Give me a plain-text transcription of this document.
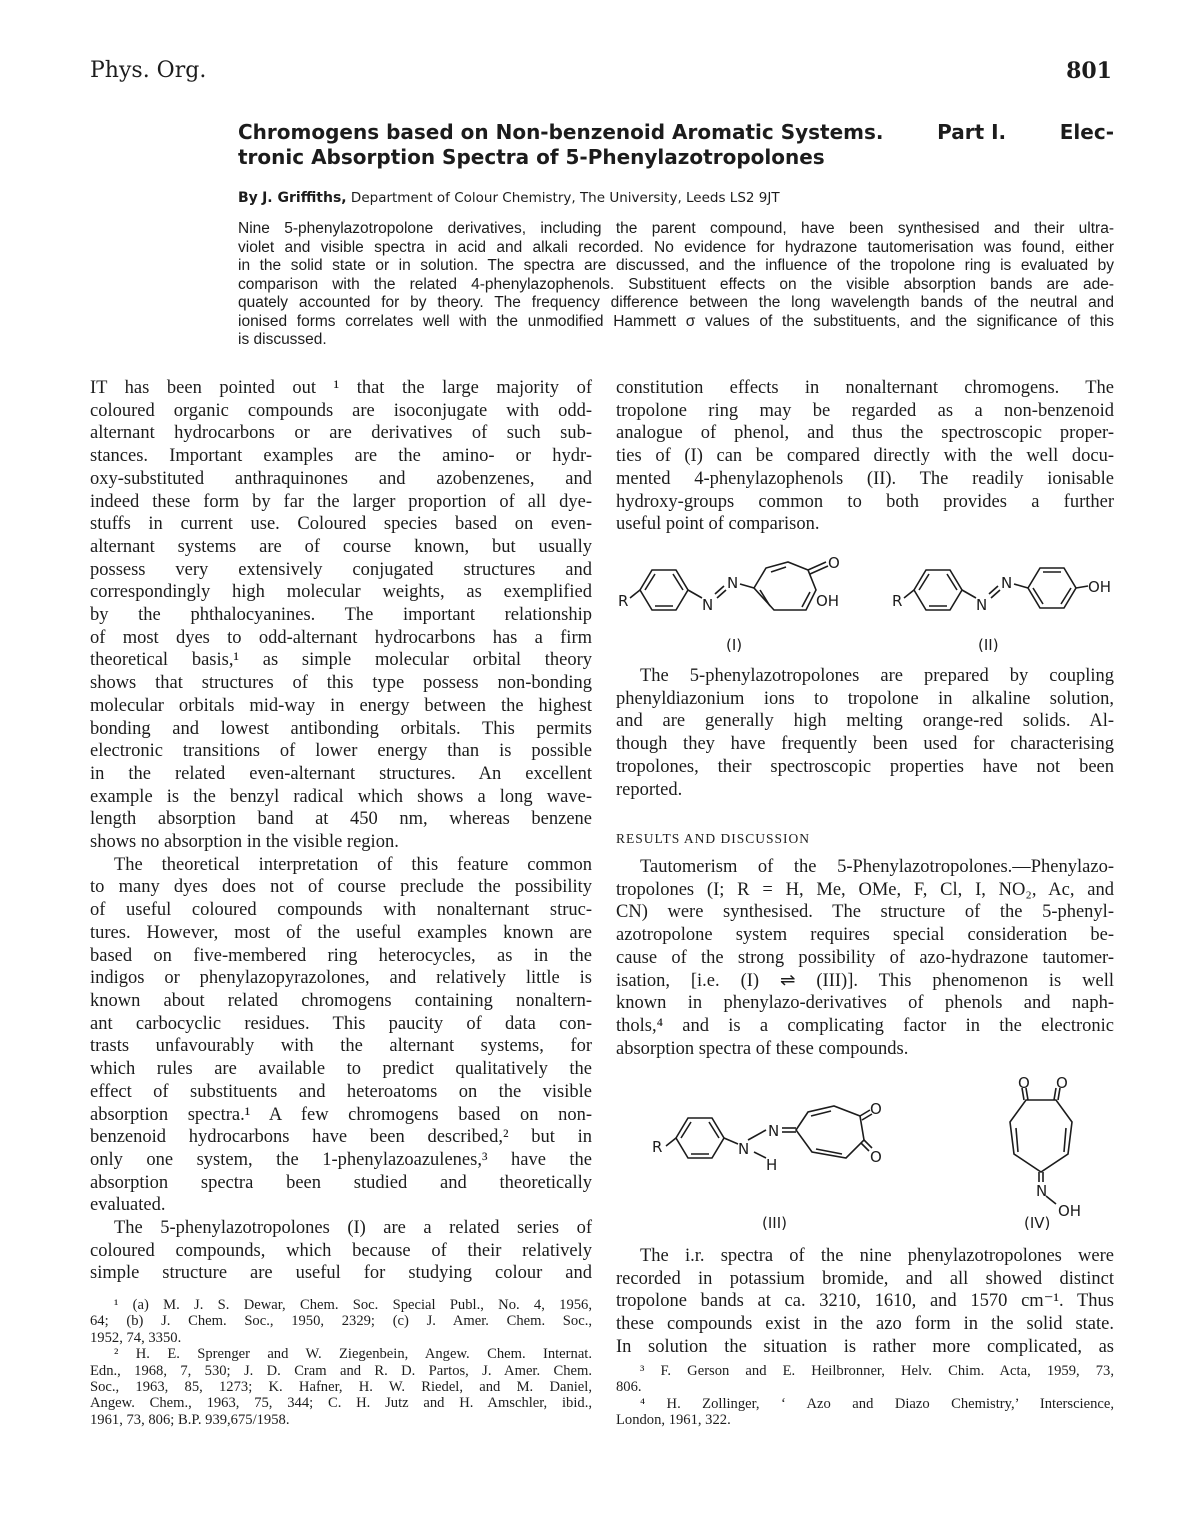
Phys. Org.	801
Chromogens based on Non-benzenoid Aromatic Systems.	Part I.	Elec-
tronic Absorption Spectra of 5-Phenylazotropolones
By J. Griffiths, Department of Colour Chemistry, The University, Leeds LS2 9JT
Nine 5-phenylazotropolone derivatives, including the parent compound, have been synthesised and their ultra-
violet and visible spectra in acid and alkali recorded. No evidence for hydrazone tautomerisation was found, either
in the solid state or in solution. The spectra are discussed, and the influence of the tropolone ring is evaluated by
comparison with the related 4-phenylazophenols. Substituent effects on the visible absorption bands are ade-
quately accounted for by theory. The frequency difference between the long wavelength bands of the neutral and
ionised forms correlates well with the unmodified Hammett σ values of the substituents, and the significance of this
is discussed.
IT has been pointed out ¹ that the large majority of
coloured organic compounds are isoconjugate with odd-
alternant hydrocarbons or are derivatives of such sub-
stances. Important examples are the amino- or hydr-
oxy-substituted anthraquinones and azobenzenes, and
indeed these form by far the larger proportion of all dye-
stuffs in current use. Coloured species based on even-
alternant systems are of course known, but usually
possess very extensively conjugated structures and
correspondingly high molecular weights, as exemplified
by the phthalocyanines. The important relationship
of most dyes to odd-alternant hydrocarbons has a firm
theoretical basis,¹ as simple molecular orbital theory
shows that structures of this type possess non-bonding
molecular orbitals mid-way in energy between the highest
bonding and lowest antibonding orbitals. This permits
electronic transitions of lower energy than is possible
in the related even-alternant structures. An excellent
example is the benzyl radical which shows a long wave-
length absorption band at 450 nm, whereas benzene
shows no absorption in the visible region.
The theoretical interpretation of this feature common
to many dyes does not of course preclude the possibility
of useful coloured compounds with nonalternant struc-
tures. However, most of the useful examples known are
based on five-membered ring heterocycles, as in the
indigos or phenylazopyrazolones, and relatively little is
known about related chromogens containing nonaltern-
ant carbocyclic residues. This paucity of data con-
trasts unfavourably with the alternant systems, for
which rules are available to predict qualitatively the
effect of substituents and heteroatoms on the visible
absorption spectra.¹ A few chromogens based on non-
benzenoid hydrocarbons have been described,² but in
only one system, the 1-phenylazoazulenes,³ have the
absorption spectra been studied and theoretically
evaluated.
The 5-phenylazotropolones (I) are a related series of
coloured compounds, which because of their relatively
simple structure are useful for studying colour and
constitution effects in nonalternant chromogens. The
tropolone ring may be regarded as a non-benzenoid
analogue of phenol, and thus the spectroscopic proper-
ties of (I) can be compared directly with the well docu-
mented 4-phenylazophenols (II). The readily ionisable
hydroxy-groups common to both provides a further
useful point of comparison.
R	N
N
O
OH
(I)
R	N
N	OH
(II)
The 5-phenylazotropolones are prepared by coupling
phenyldiazonium ions to tropolone in alkaline solution,
and are generally high melting orange-red solids. Al-
though they have frequently been used for characterising
tropolones, their spectroscopic properties have not been
reported.
RESULTS AND DISCUSSION
Tautomerism of the 5-Phenylazotropolones.—Phenylazo-
tropolones (I; R = H, Me, OMe, F, Cl, I, NO₂, Ac, and
CN) were synthesised. The structure of the 5-phenyl-
azotropolone system requires special consideration be-
cause of the strong possibility of azo-hydrazone tautomer-
isation, [i.e. (I) ⇌ (III)]. This phenomenon is well
known in phenylazo-derivatives of phenols and naph-
thols,⁴ and is a complicating factor in the electronic
absorption spectra of these compounds.
R	N
N
H
O
O
(III)
O O
N
OH
(IV)
The i.r. spectra of the nine phenylazotropolones were
recorded in potassium bromide, and all showed distinct
tropolone bands at ca. 3210, 1610, and 1570 cm⁻¹. Thus
these compounds exist in the azo form in the solid state.
In solution the situation is rather more complicated, as
¹ (a) M. J. S. Dewar, Chem. Soc. Special Publ., No. 4, 1956,
64; (b) J. Chem. Soc., 1950, 2329; (c) J. Amer. Chem. Soc.,
1952, 74, 3350.
² H. E. Sprenger and W. Ziegenbein, Angew. Chem. Internat.
Edn., 1968, 7, 530; J. D. Cram and R. D. Partos, J. Amer. Chem.
Soc., 1963, 85, 1273; K. Hafner, H. W. Riedel, and M. Daniel,
Angew. Chem., 1963, 75, 344; C. H. Jutz and H. Amschler, ibid.,
1961, 73, 806; B.P. 939,675/1958.
³ F. Gerson and E. Heilbronner, Helv. Chim. Acta, 1959, 73,
806.
⁴ H. Zollinger, ‘ Azo and Diazo Chemistry,’ Interscience,
London, 1961, 322.
